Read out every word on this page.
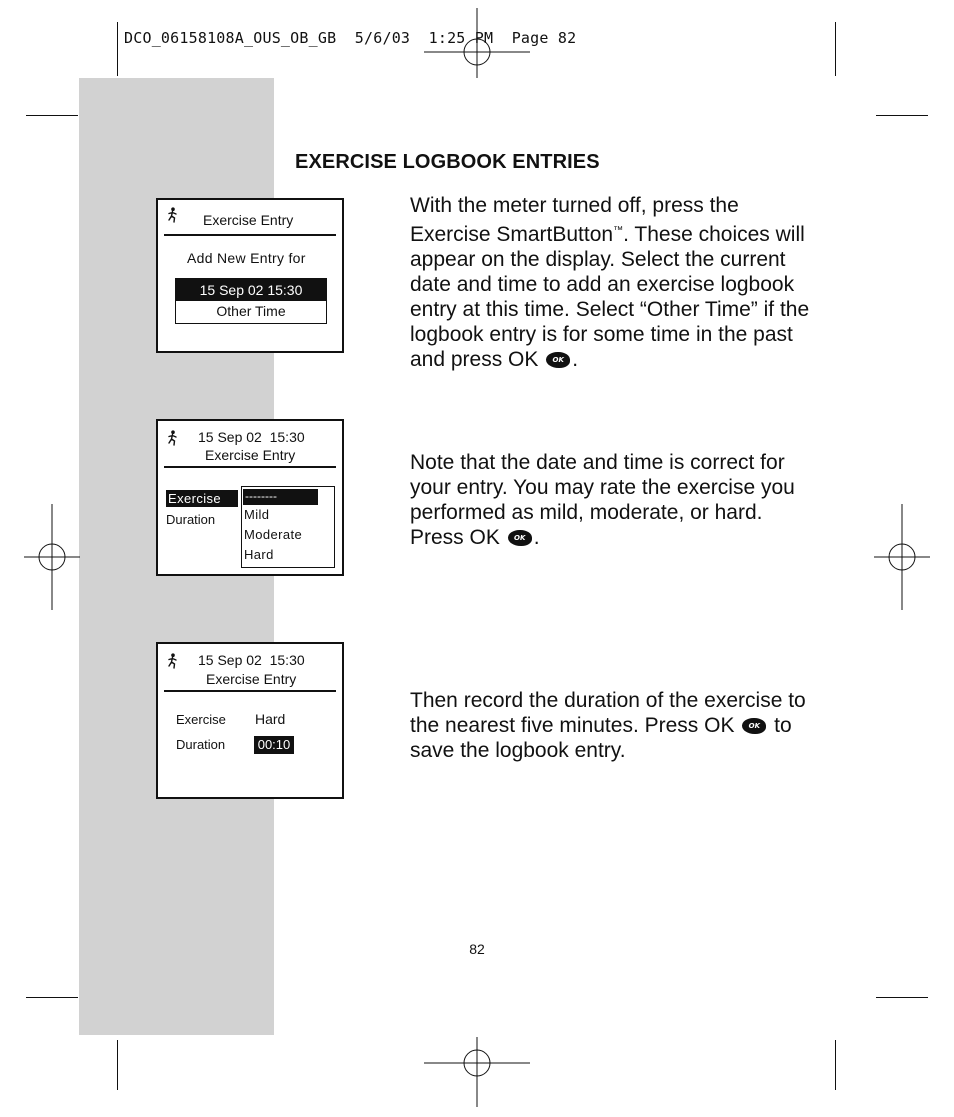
DCO_06158108A_OUS_OB_GB  5/6/03  1:25 PM  Page 82
EXERCISE LOGBOOK ENTRIES
Exercise Entry
Add New Entry for
15 Sep 02 15:30
Other Time
With the meter turned off, press the Exercise SmartButton™. These choices will appear on the display. Select the current date and time to add an exercise logbook entry at this time. Select “Other Time” if the logbook entry is for some time in the past and press OK OK .
15 Sep 02  15:30
Exercise Entry
Exercise
Duration
--------
Mild
Moderate
Hard
Note that the date and time is correct for your entry. You may rate the exercise you performed as mild, moderate, or hard. Press OK OK .
15 Sep 02  15:30
Exercise Entry
Exercise Hard
Duration	00:10
Then record the duration of the exercise to the nearest five minutes. Press OK OK to save the logbook entry.
82
